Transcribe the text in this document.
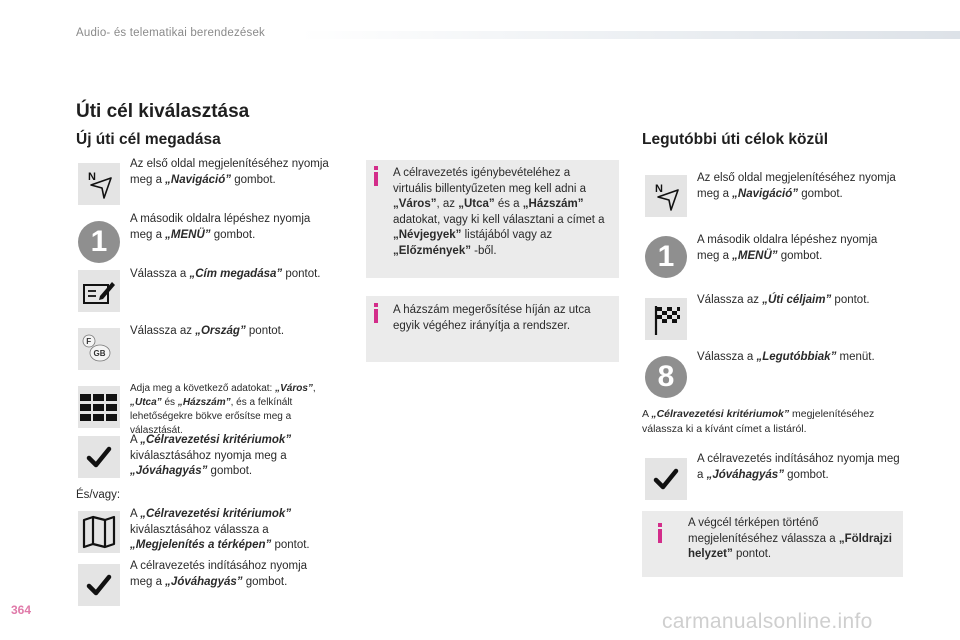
Audio- és telematikai berendezések
Úti cél kiválasztása
Új úti cél megadása
N
Az első oldal megjelenítéséhez nyomja meg a „Navigáció” gombot.
1
A második oldalra lépéshez nyomja meg a „MENÜ” gombot.
Válassza a „Cím megadása” pontot.
F
GB
Válassza az „Ország” pontot.
Adja meg a következő adatokat: „Város”, „Utca” és „Házszám”, és a felkínált lehetőségekre bökve erősítse meg a választását.
A „Célravezetési kritériumok” kiválasztásához nyomja meg a „Jóváhagyás” gombot.
És/vagy:
A „Célravezetési kritériumok” kiválasztásához válassza a „Megjelenítés a térképen” pontot.
A célravezetés indításához nyomja meg a „Jóváhagyás” gombot.
A célravezetés igénybevételéhez a virtuális billentyűzeten meg kell adni a „Város”, az „Utca” és a „Házszám” adatokat, vagy ki kell választani a címet a „Névjegyek” listájából vagy az „Előzmények” -ből.
A házszám megerősítése híján az utca egyik végéhez irányítja a rendszer.
Legutóbbi úti célok közül
N
Az első oldal megjelenítéséhez nyomja meg a „Navigáció” gombot.
1	A második oldalra lépéshez nyomja meg a „MENÜ” gombot.
Válassza az „Úti céljaim” pontot.
8
Válassza a „Legutóbbiak” menüt.
A „Célravezetési kritériumok” megjelenítéséhez válassza ki a kívánt címet a listáról.
A célravezetés indításához nyomja meg a „Jóváhagyás” gombot.
A végcél térképen történő megjelenítéséhez válassza a „Földrajzi helyzet” pontot.
364	carmanualsonline.info
